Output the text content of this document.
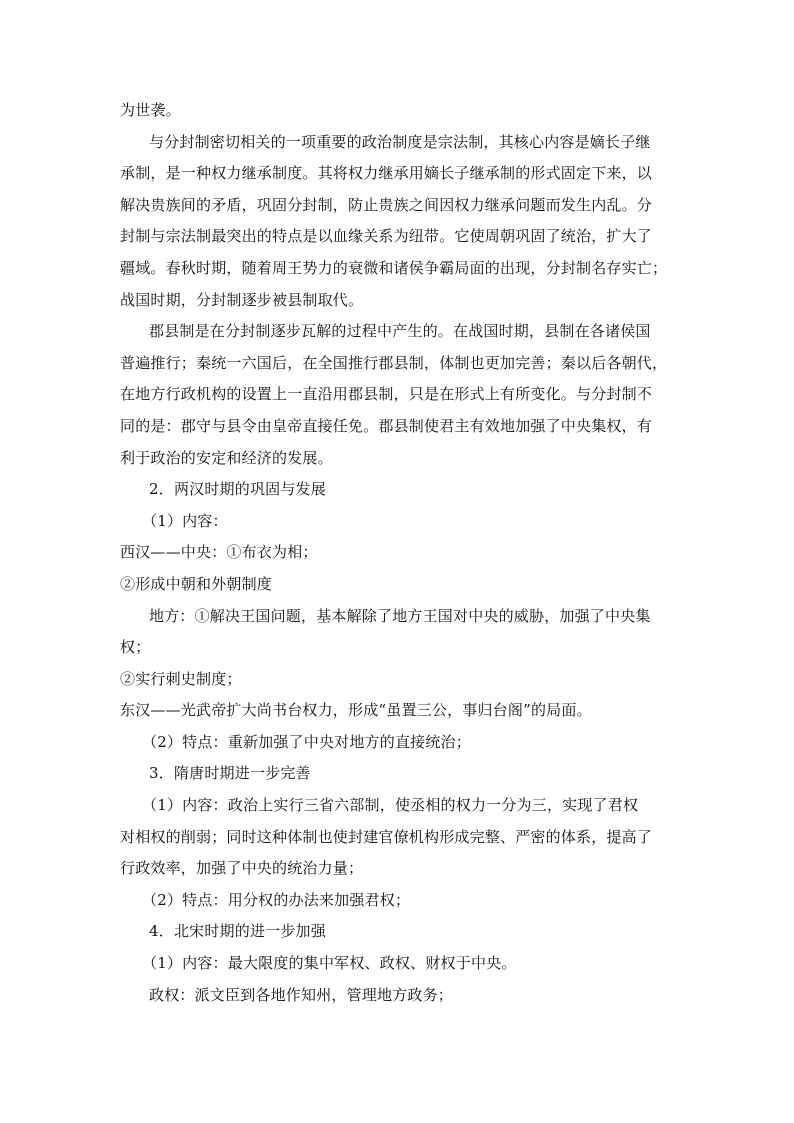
为世袭。
与分封制密切相关的一项重要的政治制度是宗法制，其核心内容是嫡长子继
承制，是一种权力继承制度。其将权力继承用嫡长子继承制的形式固定下来，以
解决贵族间的矛盾，巩固分封制，防止贵族之间因权力继承问题而发生内乱。分
封制与宗法制最突出的特点是以血缘关系为纽带。它使周朝巩固了统治，扩大了
疆域。春秋时期，随着周王势力的衰微和诸侯争霸局面的出现，分封制名存实亡；
战国时期，分封制逐步被县制取代。
郡县制是在分封制逐步瓦解的过程中产生的。在战国时期，县制在各诸侯国
普遍推行；秦统一六国后，在全国推行郡县制，体制也更加完善；秦以后各朝代，
在地方行政机构的设置上一直沿用郡县制，只是在形式上有所变化。与分封制不
同的是：郡守与县令由皇帝直接任免。郡县制使君主有效地加强了中央集权，有
利于政治的安定和经济的发展。
2．两汉时期的巩固与发展
（1）内容：
西汉——中央：①布衣为相；
②形成中朝和外朝制度
地方：①解决王国问题，基本解除了地方王国对中央的威胁，加强了中央集
权；
②实行刺史制度；
东汉——光武帝扩大尚书台权力，形成“虽置三公，事归台阁”的局面。
（2）特点：重新加强了中央对地方的直接统治；
3．隋唐时期进一步完善
（1）内容：政治上实行三省六部制，使丞相的权力一分为三，实现了君权
对相权的削弱；同时这种体制也使封建官僚机构形成完整、严密的体系，提高了
行政效率，加强了中央的统治力量；
（2）特点：用分权的办法来加强君权；
4．北宋时期的进一步加强
（1）内容：最大限度的集中军权、政权、财权于中央。
政权：派文臣到各地作知州，管理地方政务；
